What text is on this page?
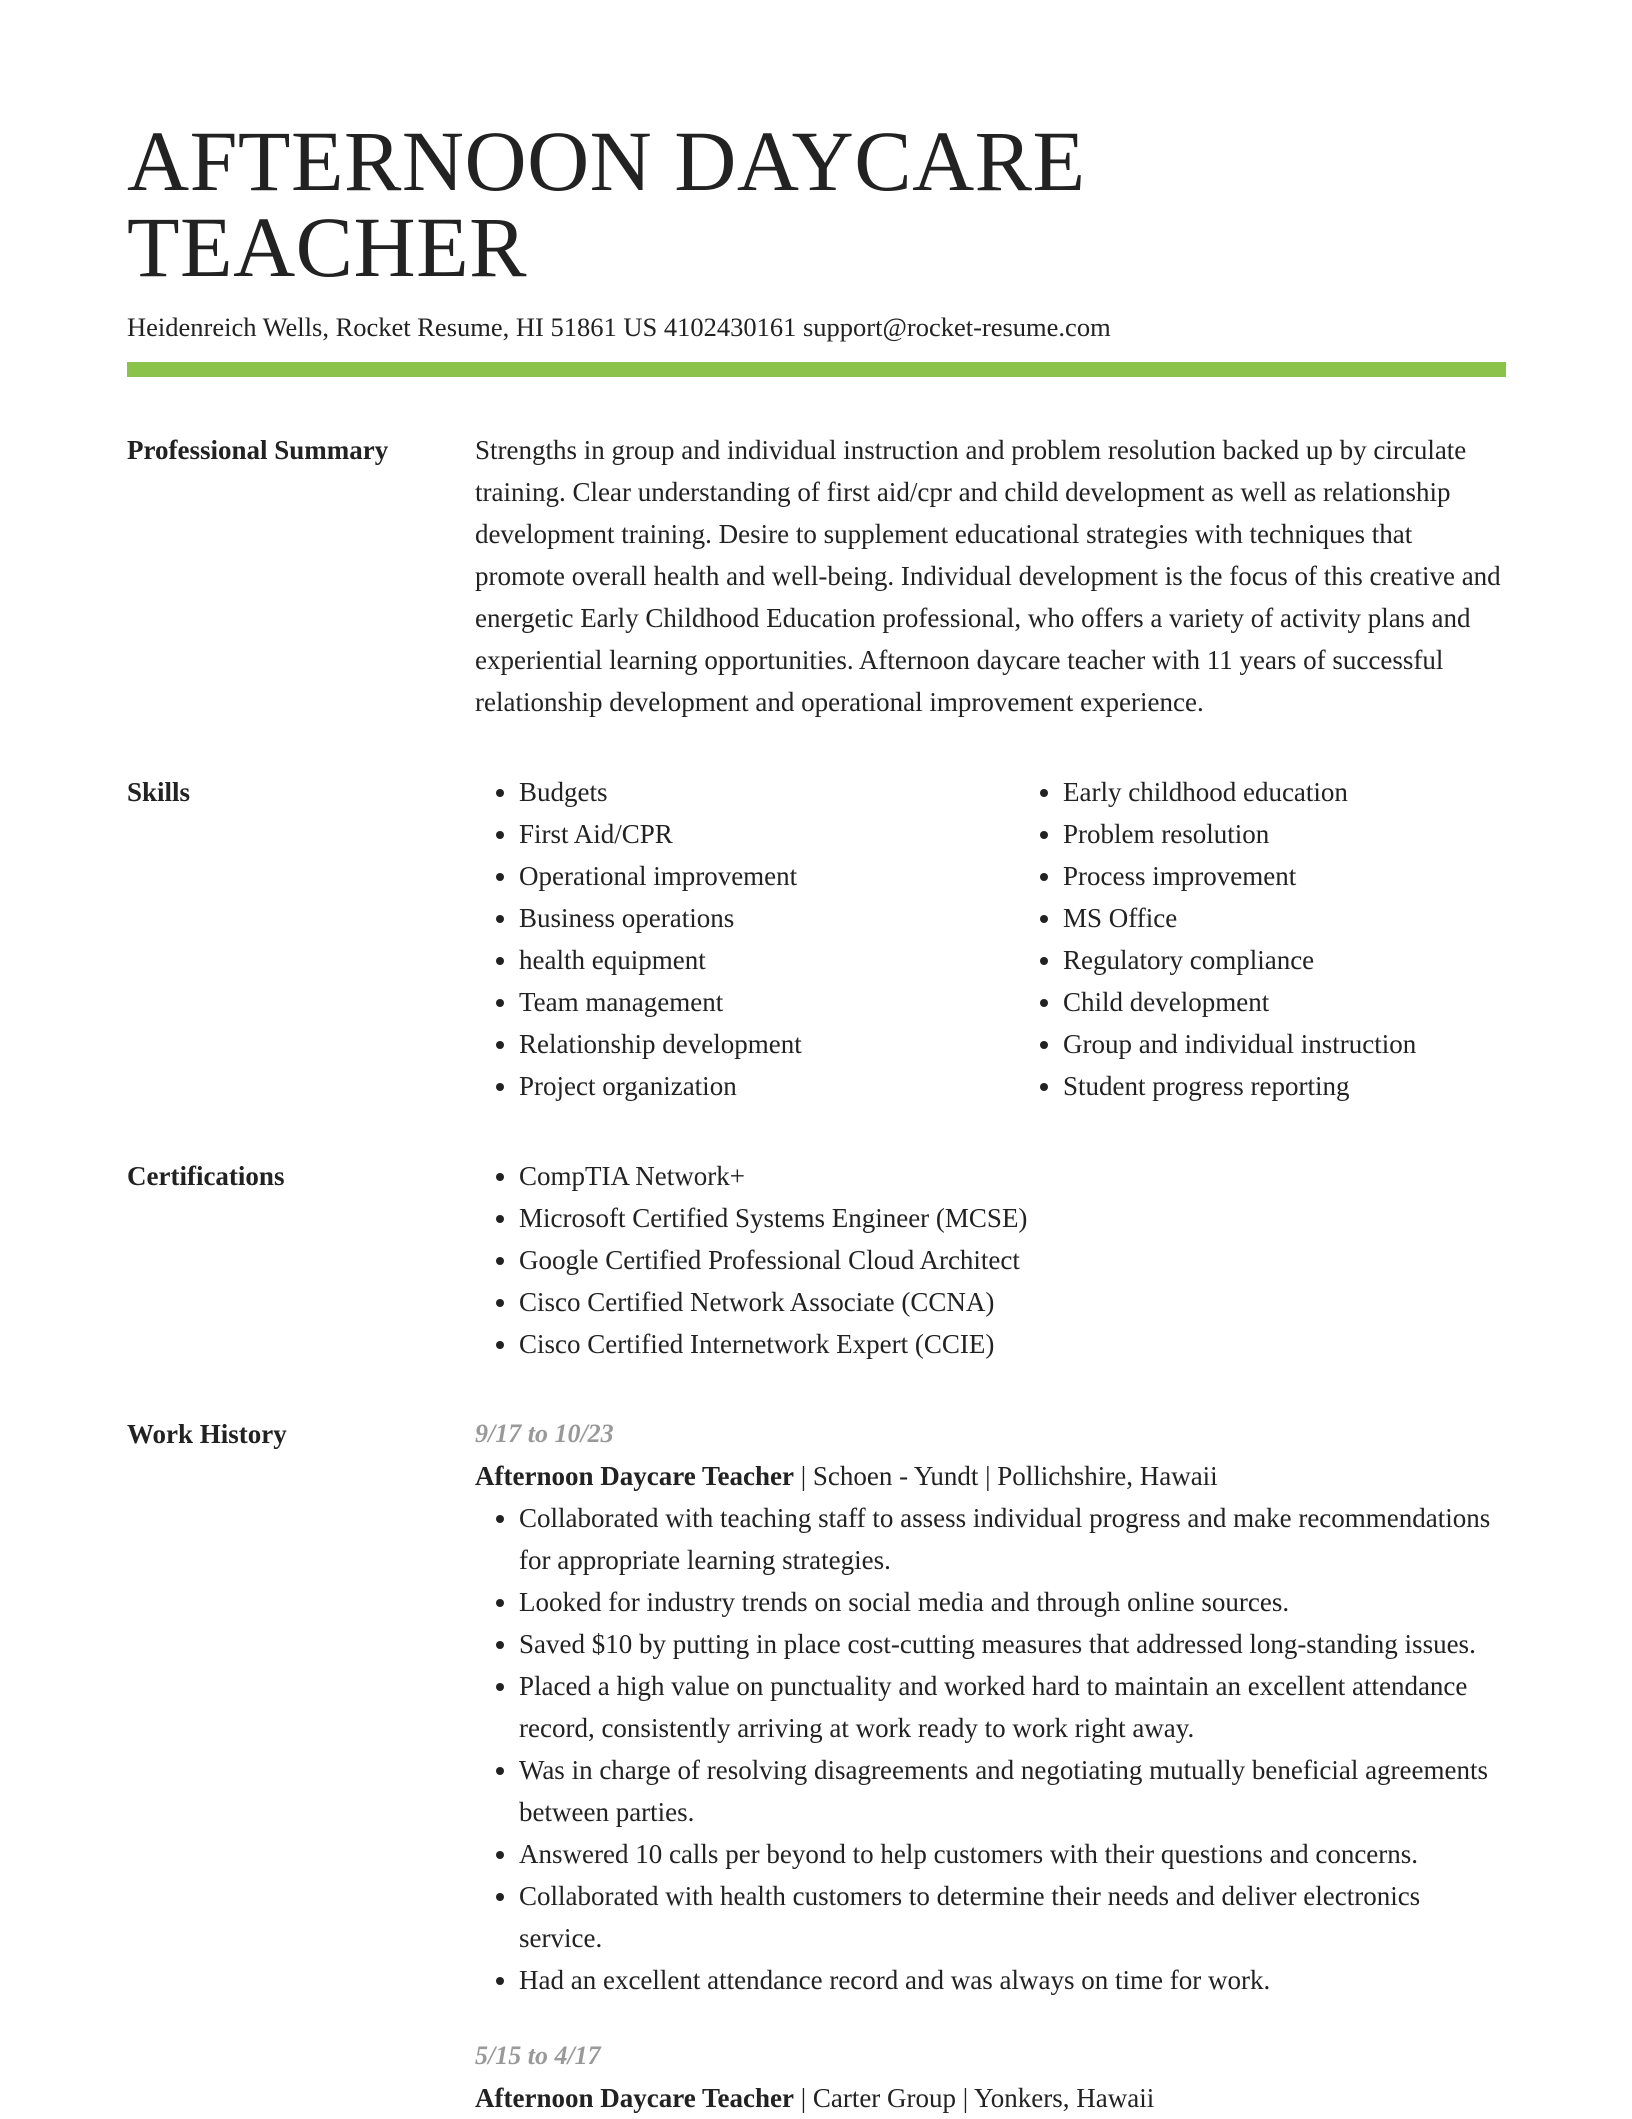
AFTERNOON DAYCARE TEACHER
Heidenreich Wells, Rocket Resume, HI 51861 US 4102430161 support@rocket-resume.com
Professional Summary	Strengths in group and individual instruction and problem resolution backed up by circulate training. Clear understanding of first aid/cpr and child development as well as relationship development training. Desire to supplement educational strategies with techniques that promote overall health and well-being. Individual development is the focus of this creative and energetic Early Childhood Education professional, who offers a variety of activity plans and experiential learning opportunities. Afternoon daycare teacher with 11 years of successful relationship development and operational improvement experience.

Skills	• Budgets
• First Aid/CPR
• Operational improvement
• Business operations
• health equipment
• Team management
• Relationship development
• Project organization
• Early childhood education
• Problem resolution
• Process improvement
• MS Office
• Regulatory compliance
• Child development
• Group and individual instruction
• Student progress reporting
Certifications	• CompTIA Network+
• Microsoft Certified Systems Engineer (MCSE)
• Google Certified Professional Cloud Architect
• Cisco Certified Network Associate (CCNA)
• Cisco Certified Internetwork Expert (CCIE)
Work History	9/17 to 10/23
Afternoon Daycare Teacher | Schoen - Yundt | Pollichshire, Hawaii
• Collaborated with teaching staff to assess individual progress and make recommendations for appropriate learning strategies.
• Looked for industry trends on social media and through online sources.
• Saved $10 by putting in place cost-cutting measures that addressed long-standing issues.
• Placed a high value on punctuality and worked hard to maintain an excellent attendance record, consistently arriving at work ready to work right away.
• Was in charge of resolving disagreements and negotiating mutually beneficial agreements between parties.
• Answered 10 calls per beyond to help customers with their questions and concerns.
• Collaborated with health customers to determine their needs and deliver electronics service.
• Had an excellent attendance record and was always on time for work.
5/15 to 4/17
Afternoon Daycare Teacher | Carter Group | Yonkers, Hawaii
